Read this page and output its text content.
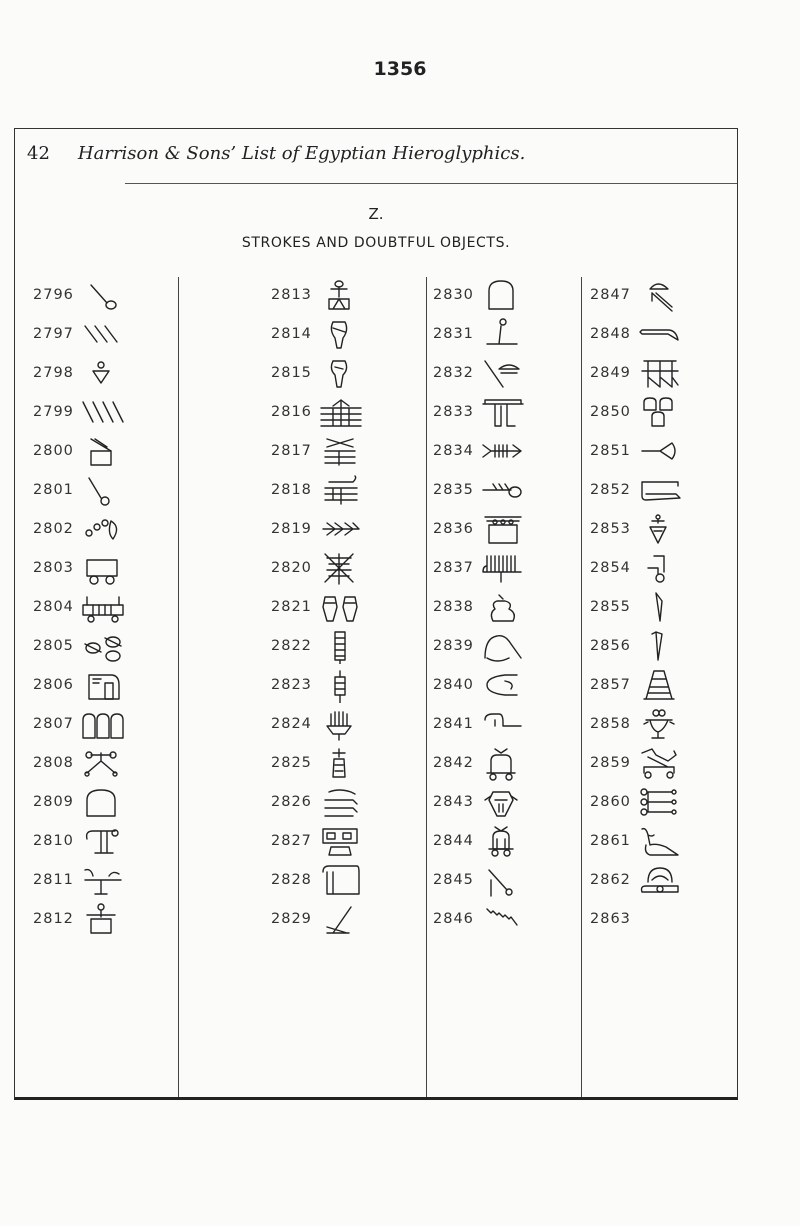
1356
42 Harrison & Sons’ List of Egyptian Hieroglyphics.
Z.
STROKES AND DOUBTFUL OBJECTS.
2796
2797
2798
2799
2800
2801
2802
2803
2804
2805
2806
2807
2808
2809
2810
2811
2812
2813
2814
2815
2816
2817
2818
2819
2820
2821
2822
2823
2824
2825
2826
2827
2828
2829
2830
2831
2832
2833
2834
2835
2836
2837
2838
2839
2840
2841
2842
2843
2844
2845
2846
2847
2848
2849
2850
2851
2852
2853
2854
2855
2856
2857
2858
2859
2860
2861
2862
2863
